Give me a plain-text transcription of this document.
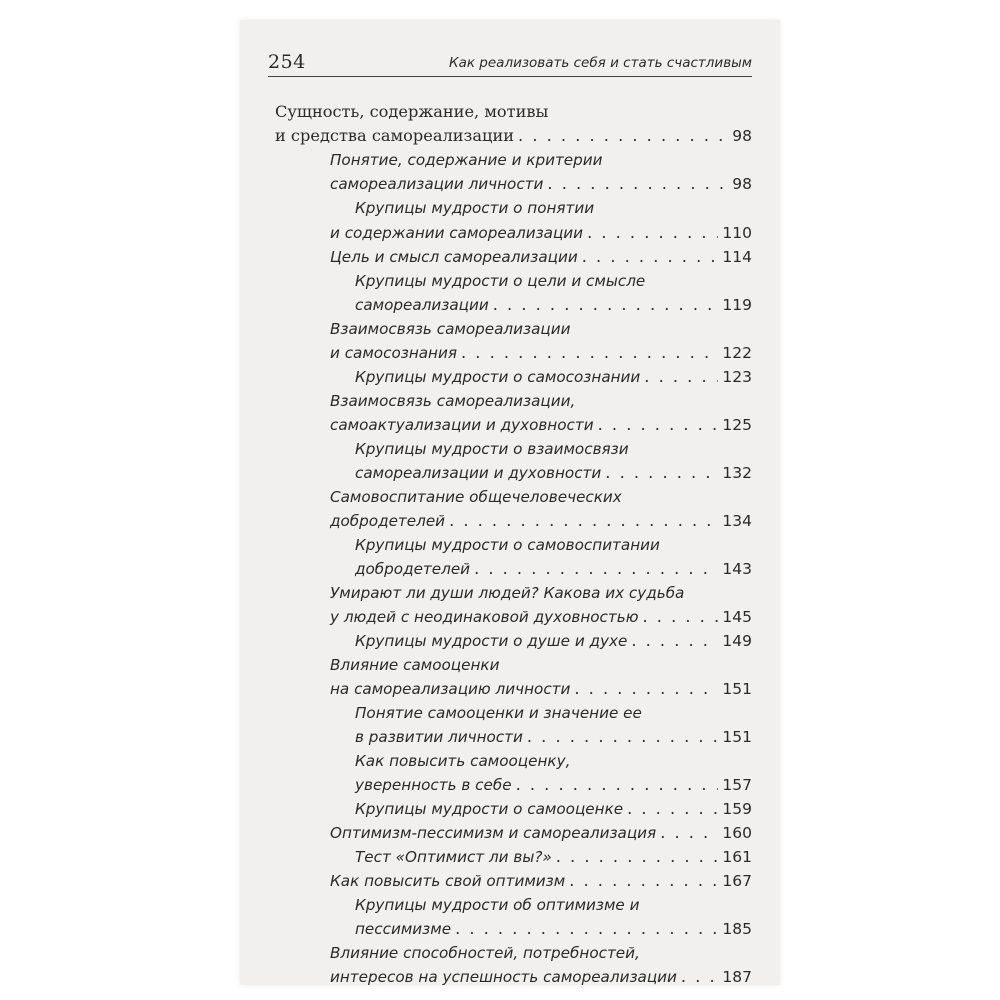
254	Как реализовать себя и стать счастливым
Сущность, содержание, мотивы
и средства самореализации . . .	98
Понятие, содержание и критерии
самореализации личности . . .	98
Крупицы мудрости о понятии
и содержании самореализации . . .	110
Цель и смысл самореализации . . .	114
Крупицы мудрости о цели и смысле
самореализации . . .	119
Взаимосвязь самореализации
и самосознания . . .	122
Крупицы мудрости о самосознании . . .	123
Взаимосвязь самореализации,
самоактуализации и духовности . . .	125
Крупицы мудрости о взаимосвязи
самореализации и духовности . . .	132
Самовоспитание общечеловеческих
добродетелей . . .	134
Крупицы мудрости о самовоспитании
добродетелей . . .	143
Умирают ли души людей? Какова их судьба
у людей с неодинаковой духовностью . . .	145
Крупицы мудрости о душе и духе . . .	149
Влияние самооценки
на самореализацию личности . . .	151
Понятие самооценки и значение ее
в развитии личности . . .	151
Как повысить самооценку,
уверенность в себе . . .	157
Крупицы мудрости о самооценке . . .	159
Оптимизм-пессимизм и самореализация . . .	160
Тест «Оптимист ли вы?» . . .	161
Как повысить свой оптимизм . . .	167
Крупицы мудрости об оптимизме и
пессимизме . . .	185
Влияние способностей, потребностей,
интересов на успешность самореализации . . .	187
